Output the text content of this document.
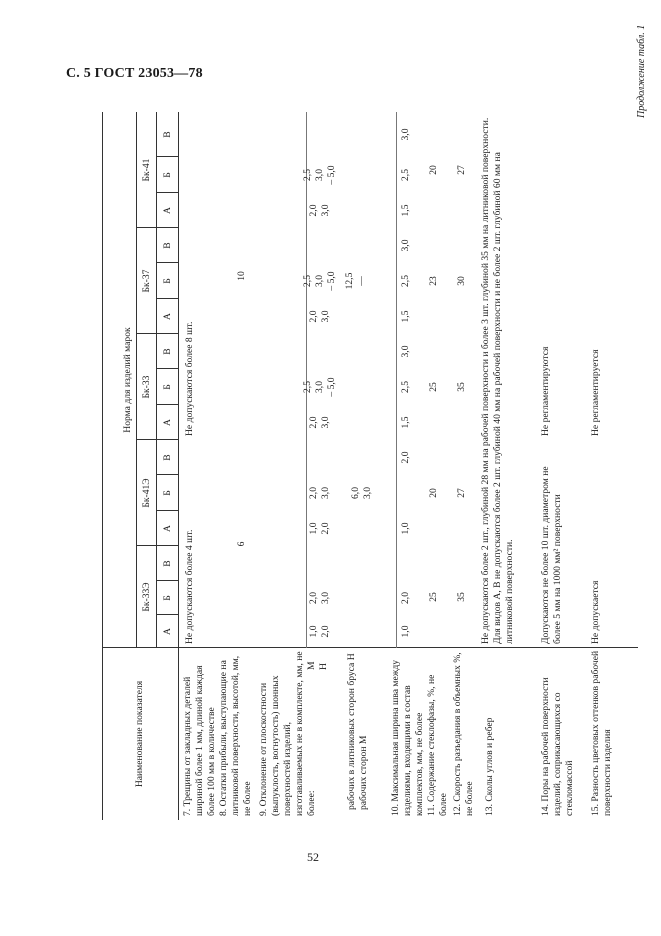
С. 5 ГОСТ 23053—78	Продолжение табл. 1
52
Наименование показателя
Норма для изделий марок
Бк-33Э
Бк-41Э
Бк-33
Бк-37
Бк-41
А
Б
В
А
Б
В
А
Б
В
А
Б
В
А
Б
В
7. Трещины от закладных деталей шириной более 1 мм, длиной каждая более 100 мм в количестве
Не допускаются более 4 шт.
Не допускаются более 8 шт.
8. Остатки прибыли, выступающие на литниковой поверхности, высотой, мм, не более
6
10
9. Отклонение от плоскостности (выпуклость, вогнутость) шонных поверхностей изделий, изготавливаемых не в комплекте, мм, не более:
М Н
1,0 2,0
2,0 3,0
1,0 2,0
2,0 3,0
2,0 3,0
2,5 3,0 – 5,0
2,0 3,0
2,5 3,0 – 5,0
2,0 3,0
2,5 3,0 – 5,0
рабочих в литниковых сторон бруса Н рабочих сторон М
6,0 3,0
12,5 —
10. Максимальная ширина шва между изделиями, входящими в состав комплектов, мм, не более
1,0
2,0
1,0
2,0
1,5
2,5
3,0
1,5
2,5
3,0
1,5
2,5
3,0
11. Содержание стеклофазы, %, не более
25
20
25
23
20
12. Скорость разъедания в объемных %, не более
35
27
35
30
27
13. Сколы углов и ребер
Не допускаются более 2 шт., глубиной 28 мм на рабочей поверхности и более 3 шт. глубиной 35 мм на литниковой поверхности. Для видов А, В не допускаются более 2 шт. глубиной 40 мм на рабочей поверхности и не более 2 шт. глубиной 60 мм на литниковой поверхности.
14. Поры на рабочей поверхности изделий, соприкасающихся со стекломассой
Допускаются не более 10 шт. диаметром не более 5 мм на 1000 мм² поверхности
Не регламентируются
15. Разность цветовых оттенков рабочей поверхности изделия
Не допускается
Не регламентируется
